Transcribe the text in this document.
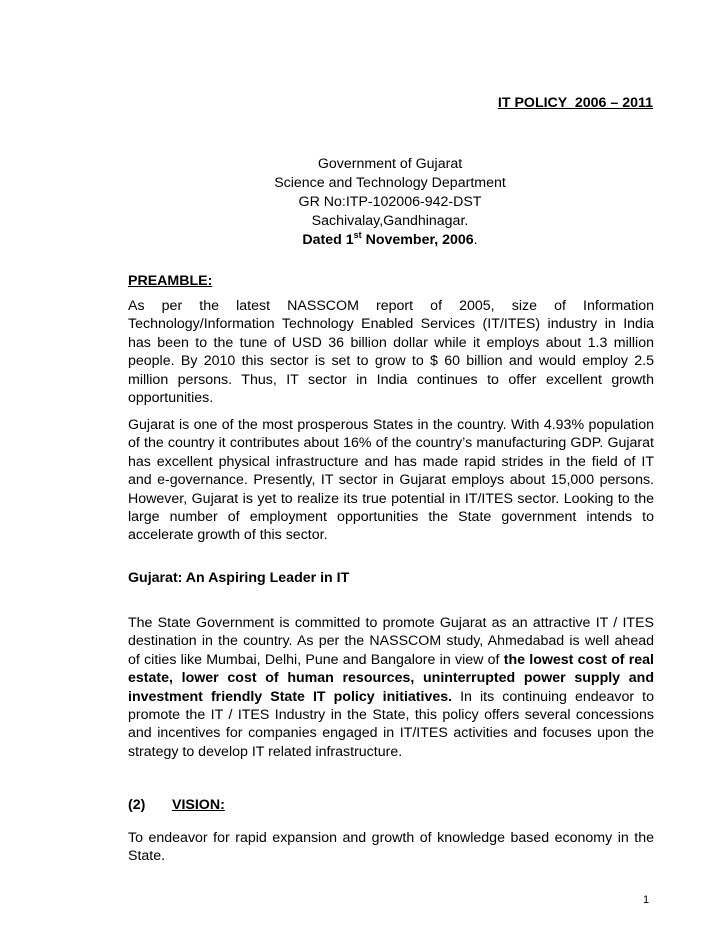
IT POLICY  2006 – 2011
Government of Gujarat
Science and Technology Department
GR No:ITP-102006-942-DST
Sachivalay,Gandhinagar.
Dated 1st November, 2006.
PREAMBLE:
As per the latest NASSCOM report of 2005, size of Information Technology/Information Technology Enabled Services (IT/ITES) industry in India has been to the tune of USD 36 billion dollar while it employs about 1.3 million people. By 2010 this sector is set to grow to $ 60 billion and would employ 2.5 million persons. Thus, IT sector in India continues to offer excellent growth opportunities.
Gujarat is one of the most prosperous States in the country. With 4.93% population of the country it contributes about 16% of the country’s manufacturing GDP. Gujarat has excellent physical infrastructure and has made rapid strides in the field of IT and e-governance. Presently, IT sector in Gujarat employs about 15,000 persons. However, Gujarat is yet to realize its true potential in IT/ITES sector. Looking to the large number of employment opportunities the State government intends to accelerate growth of this sector.
Gujarat: An Aspiring Leader in IT
The State Government is committed to promote Gujarat as an attractive IT / ITES destination in the country. As per the NASSCOM study, Ahmedabad is well ahead of cities like Mumbai, Delhi, Pune and Bangalore in view of the lowest cost of real estate, lower cost of human resources, uninterrupted power supply and investment friendly State IT policy initiatives. In its continuing endeavor to promote the IT / ITES Industry in the State, this policy offers several concessions and incentives for companies engaged in IT/ITES activities and focuses upon the strategy to develop IT related infrastructure.
(2) VISION:
To endeavor for rapid expansion and growth of knowledge based economy in the State.
1
